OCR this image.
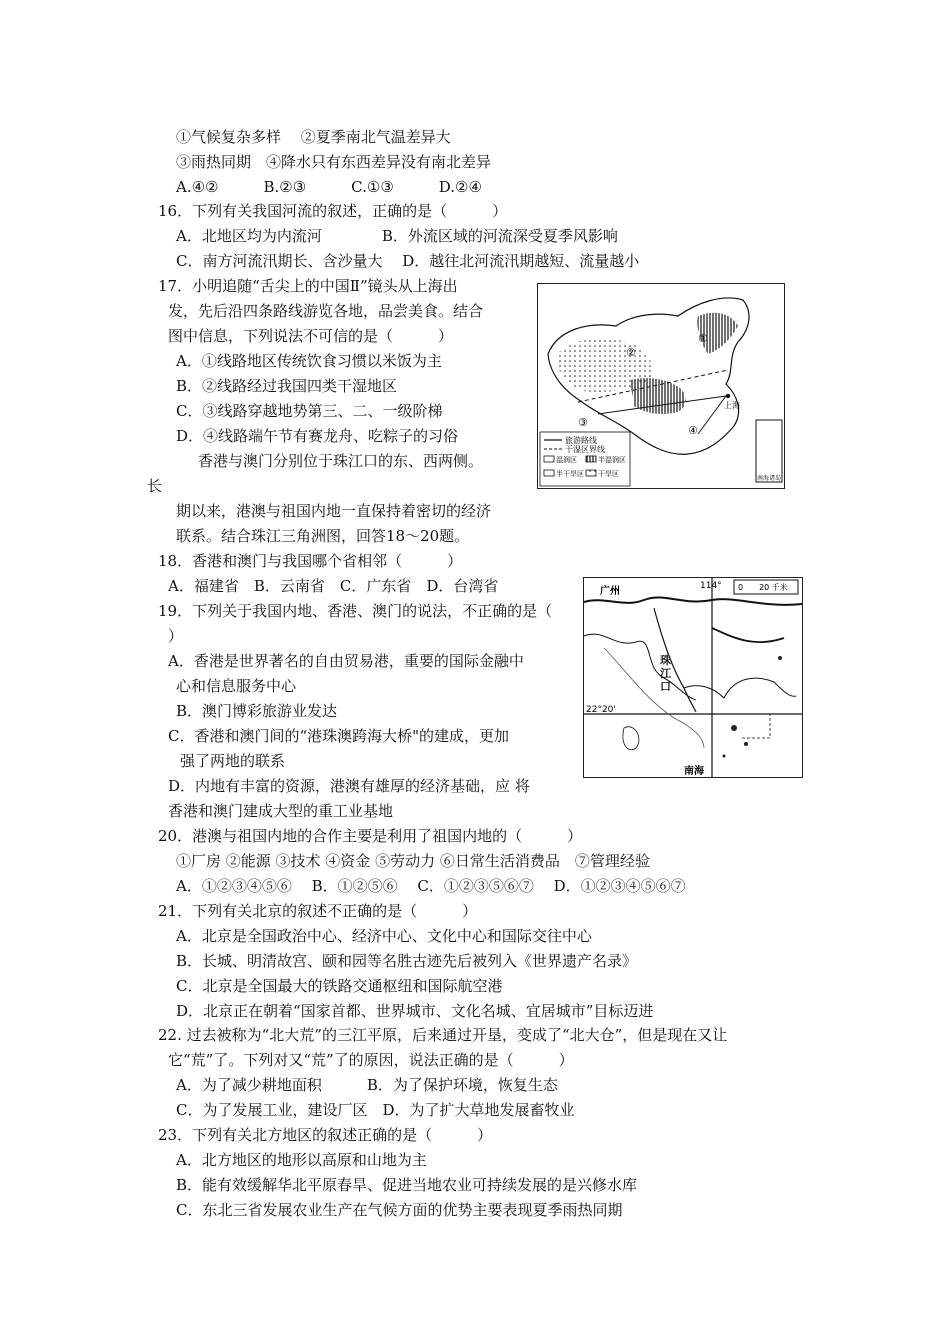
①气候复杂多样　 ②夏季南北气温差异大
③雨热同期　④降水只有东西差异没有南北差异
A.④②　　　B.②③　　　C.①③　　　D.②④
16．下列有关我国河流的叙述，正确的是（　　　）
A．北地区均为内流河　　　　B．外流区域的河流深受夏季风影响
C．南方河流汛期长、含沙量大　 D．越往北河流汛期越短、流量越小
17．小明追随“舌尖上的中国Ⅱ”镜头从上海出
发，先后沿四条路线游览各地，品尝美食。结合
图中信息，下列说法不可信的是（　　　）
A．①线路地区传统饮食习惯以米饭为主
B．②线路经过我国四类干湿地区
C．③线路穿越地势第三、二、一级阶梯
D．④线路端午节有赛龙舟、吃粽子的习俗	旅游路线
干湿区界线
湿润区	半湿润区
半干旱区 干旱区
上海
南海诸岛
①
②
③
④
香港与澳门分别位于珠江口的东、西两侧。
长
期以来，港澳与祖国内地一直保持着密切的经济
联系。结合珠江三角洲图，回答18～20题。
18．香港和澳门与我国哪个省相邻（　　　）
A．福建省　B．云南省　C．广东省　D．台湾省
19．下列关于我国内地、香港、澳门的说法，不正确的是（
）
A．香港是世界著名的自由贸易港，重要的国际金融中
心和信息服务中心
B．澳门博彩旅游业发达
C．香港和澳门间的“港珠澳跨海大桥"的建成，更加
强了两地的联系
D．内地有丰富的资源，港澳有雄厚的经济基础，应 将
香港和澳门建成大型的重工业基地
广州	114° 0　　20 千米
22°20'
南海
珠江口
20．港澳与祖国内地的合作主要是利用了祖国内地的（　　　）
①厂房 ②能源 ③技术 ④资金 ⑤劳动力 ⑥日常生活消费品　⑦管理经验
A．①②③④⑤⑥　 B．①②⑤⑥　 C．①②③⑤⑥⑦　 D．①②③④⑤⑥⑦
21．下列有关北京的叙述不正确的是（　　　）
A．北京是全国政治中心、经济中心、文化中心和国际交往中心
B．长城、明清故宫、颐和园等名胜古迹先后被列入《世界遗产名录》
C．北京是全国最大的铁路交通枢纽和国际航空港
D．北京正在朝着“国家首都、世界城市、文化名城、宜居城市”目标迈进
22. 过去被称为“北大荒”的三江平原，后来通过开垦，变成了“北大仓”，但是现在又让
它“荒”了。下列对又“荒”了的原因，说法正确的是（　　　）
A．为了减少耕地面积　　　B．为了保护环境，恢复生态
C．为了发展工业，建设厂区　D．为了扩大草地发展畜牧业
23．下列有关北方地区的叙述正确的是（　　　）
A．北方地区的地形以高原和山地为主
B．能有效缓解华北平原春旱、促进当地农业可持续发展的是兴修水库
C．东北三省发展农业生产在气候方面的优势主要表现夏季雨热同期
